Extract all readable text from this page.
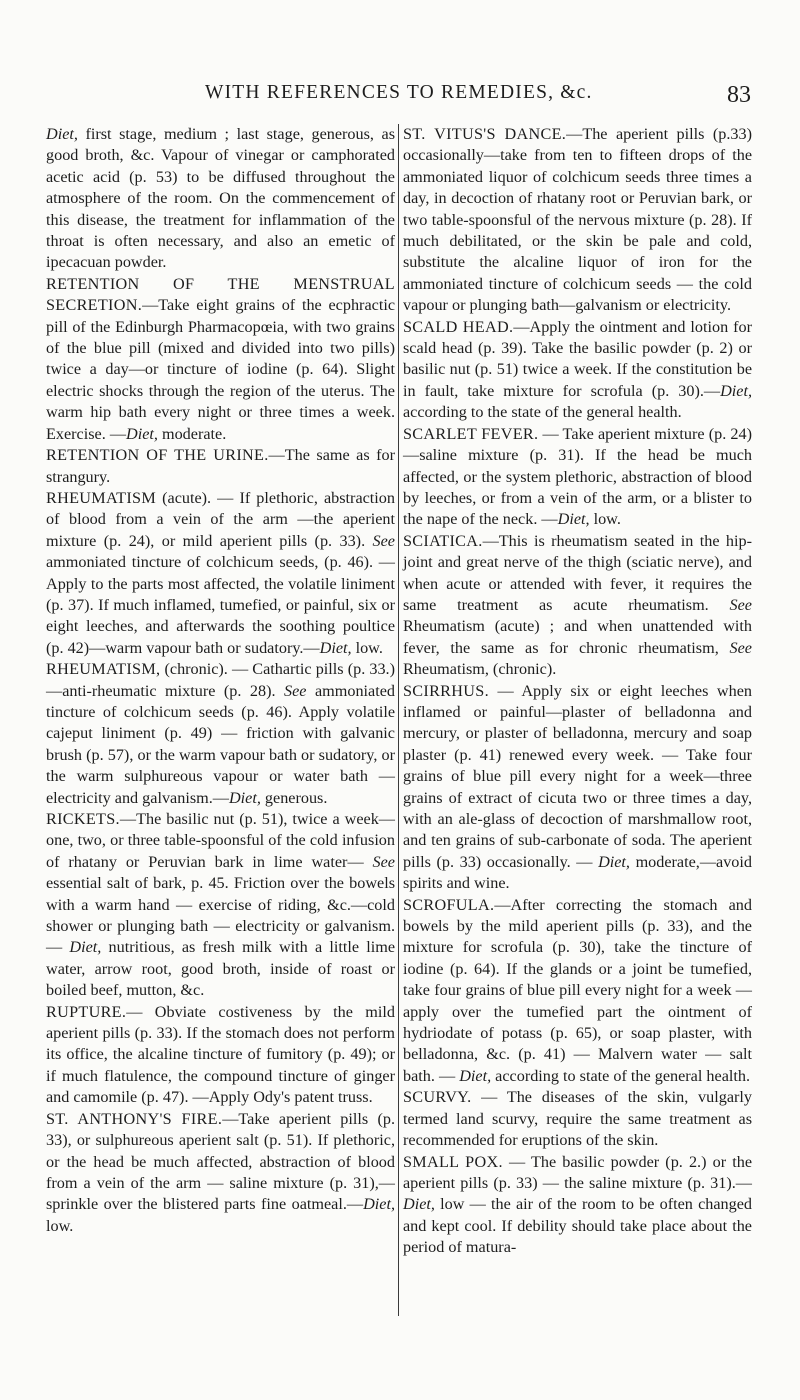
WITH REFERENCES TO REMEDIES, &c.	83

Diet, first stage, medium ; last stage, generous, as good broth, &c. Vapour of vinegar or camphorated acetic acid (p. 53) to be diffused throughout the atmosphere of the room. On the commencement of this disease, the treatment for inflammation of the throat is often necessary, and also an emetic of ipecacuan powder.

RETENTION OF THE MENSTRUAL SECRETION.—Take eight grains of the ecphractic pill of the Edinburgh Pharmacopœia, with two grains of the blue pill (mixed and divided into two pills) twice a day—or tincture of iodine (p. 64). Slight electric shocks through the region of the uterus. The warm hip bath every night or three times a week. Exercise. —Diet, moderate.

RETENTION OF THE URINE.—The same as for strangury.

RHEUMATISM (acute). — If plethoric, abstraction of blood from a vein of the arm —the aperient mixture (p. 24), or mild aperient pills (p. 33). See ammoniated tincture of colchicum seeds, (p. 46). — Apply to the parts most affected, the volatile liniment (p. 37). If much inflamed, tumefied, or painful, six or eight leeches, and afterwards the soothing poultice (p. 42)—warm vapour bath or sudatory.—Diet, low.

RHEUMATISM, (chronic). — Cathartic pills (p. 33.)—anti-rheumatic mixture (p. 28). See ammoniated tincture of colchicum seeds (p. 46). Apply volatile cajeput liniment (p. 49) — friction with galvanic brush (p. 57), or the warm vapour bath or sudatory, or the warm sulphureous vapour or water bath — electricity and galvanism.—Diet, generous.

RICKETS.—The basilic nut (p. 51), twice a week— one, two, or three table-spoonsful of the cold infusion of rhatany or Peruvian bark in lime water— See essential salt of bark, p. 45. Friction over the bowels with a warm hand — exercise of riding, &c.—cold shower or plunging bath — electricity or galvanism. — Diet, nutritious, as fresh milk with a little lime water, arrow root, good broth, inside of roast or boiled beef, mutton, &c.

RUPTURE.— Obviate costiveness by the mild aperient pills (p. 33). If the stomach does not perform its office, the alcaline tincture of fumitory (p. 49); or if much flatulence, the compound tincture of ginger and camomile (p. 47). —Apply Ody's patent truss.

ST. ANTHONY'S FIRE.—Take aperient pills (p. 33), or sulphureous aperient salt (p. 51). If plethoric, or the head be much affected, abstraction of blood from a vein of the arm — saline mixture (p. 31),—sprinkle over the blistered parts fine oatmeal.—Diet, low.

ST. VITUS'S DANCE.—The aperient pills (p.33) occasionally—take from ten to fifteen drops of the ammoniated liquor of colchicum seeds three times a day, in decoction of rhatany root or Peruvian bark, or two table-spoonsful of the nervous mixture (p. 28). If much debilitated, or the skin be pale and cold, substitute the alcaline liquor of iron for the ammoniated tincture of colchicum seeds — the cold vapour or plunging bath—galvanism or electricity.

SCALD HEAD.—Apply the ointment and lotion for scald head (p. 39). Take the basilic powder (p. 2) or basilic nut (p. 51) twice a week. If the constitution be in fault, take mixture for scrofula (p. 30).—Diet, according to the state of the general health.

SCARLET FEVER. — Take aperient mixture (p. 24)—saline mixture (p. 31). If the head be much affected, or the system plethoric, abstraction of blood by leeches, or from a vein of the arm, or a blister to the nape of the neck. —Diet, low.

SCIATICA.—This is rheumatism seated in the hip-joint and great nerve of the thigh (sciatic nerve), and when acute or attended with fever, it requires the same treatment as acute rheumatism. See Rheumatism (acute) ; and when unattended with fever, the same as for chronic rheumatism, See Rheumatism, (chronic).

SCIRRHUS. — Apply six or eight leeches when inflamed or painful—plaster of belladonna and mercury, or plaster of belladonna, mercury and soap plaster (p. 41) renewed every week. — Take four grains of blue pill every night for a week—three grains of extract of cicuta two or three times a day, with an ale-glass of decoction of marshmallow root, and ten grains of sub-carbonate of soda. The aperient pills (p. 33) occasionally. — Diet, moderate,—avoid spirits and wine.

SCROFULA.—After correcting the stomach and bowels by the mild aperient pills (p. 33), and the mixture for scrofula (p. 30), take the tincture of iodine (p. 64). If the glands or a joint be tumefied, take four grains of blue pill every night for a week — apply over the tumefied part the ointment of hydriodate of potass (p. 65), or soap plaster, with belladonna, &c. (p. 41) — Malvern water — salt bath. — Diet, according to state of the general health.

SCURVY. — The diseases of the skin, vulgarly termed land scurvy, require the same treatment as recommended for eruptions of the skin.

SMALL POX. — The basilic powder (p. 2.) or the aperient pills (p. 33) — the saline mixture (p. 31).— Diet, low — the air of the room to be often changed and kept cool. If debility should take place about the period of matura-
